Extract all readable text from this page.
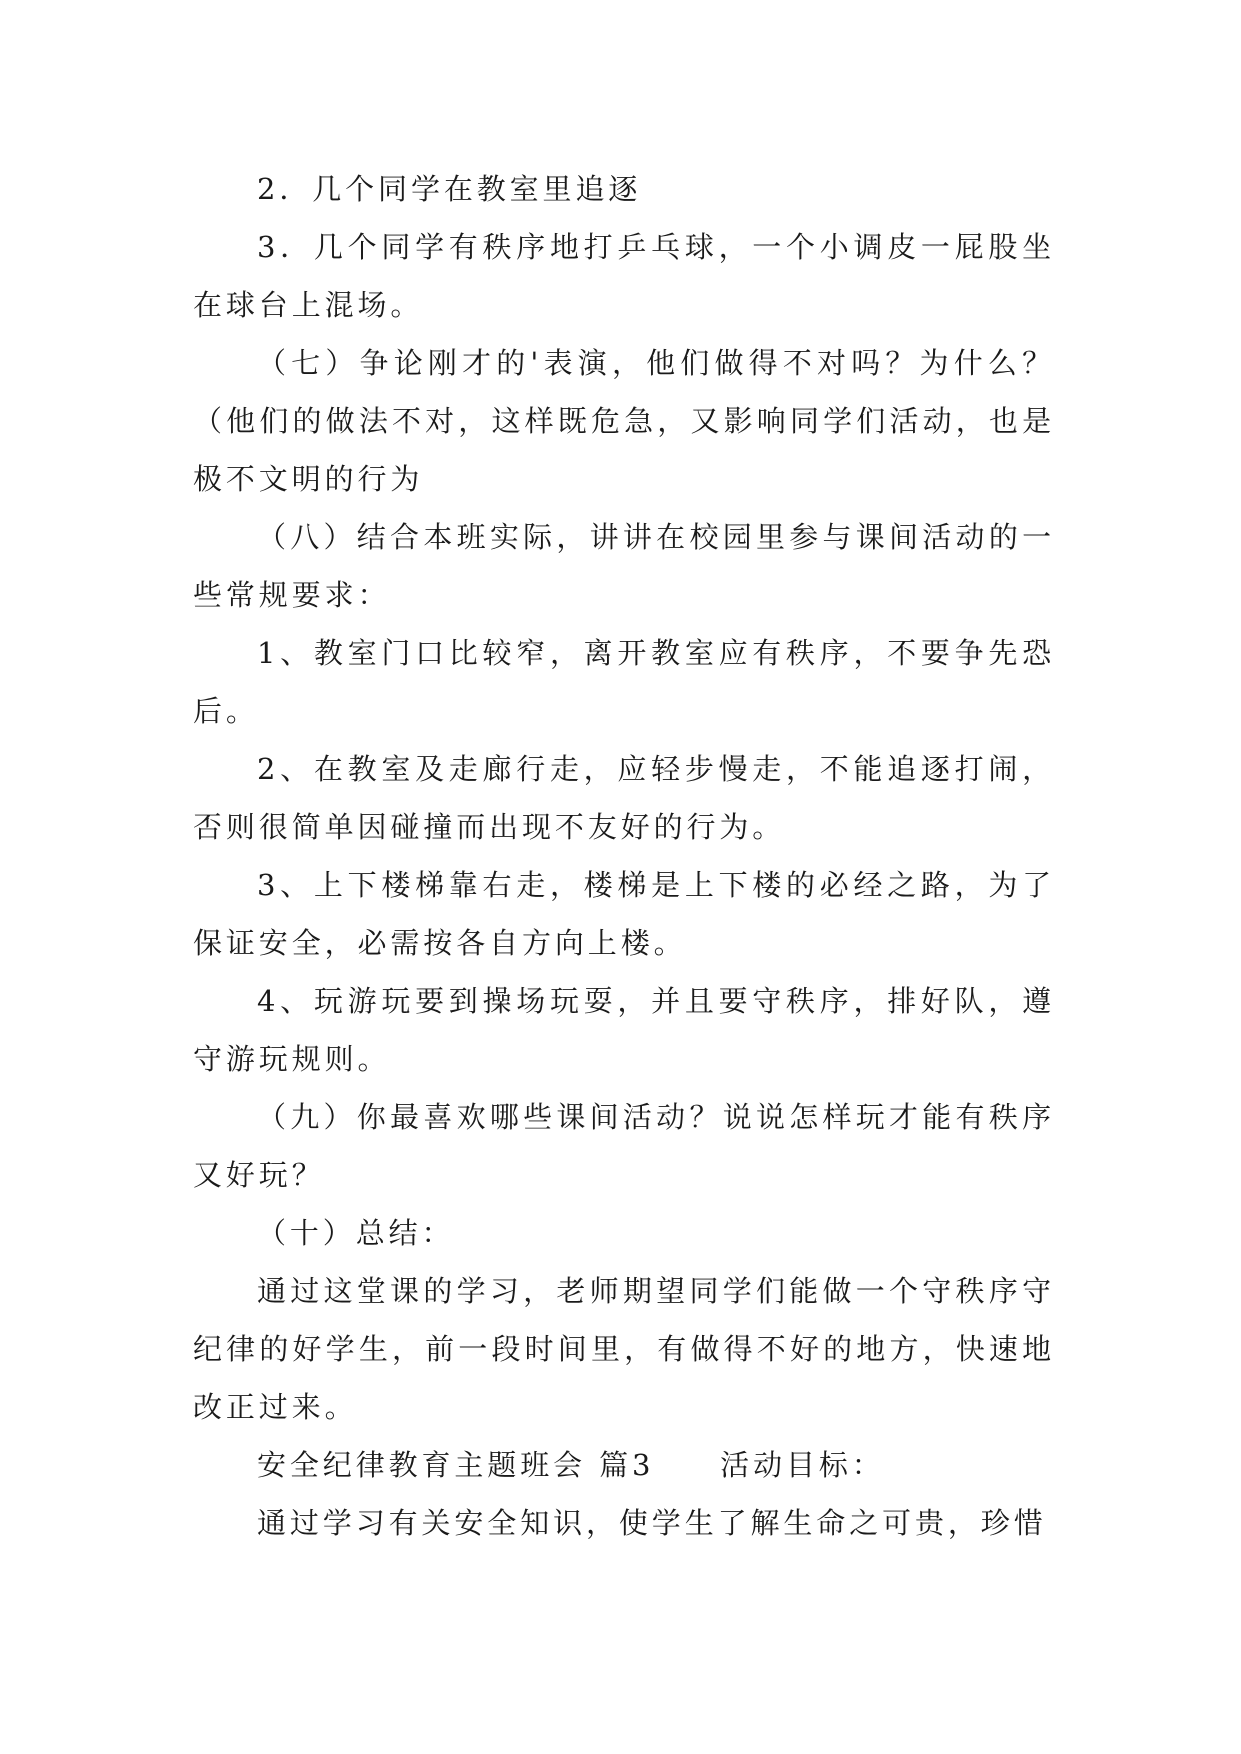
2．几个同学在教室里追逐

3．几个同学有秩序地打乒乓球，一个小调皮一屁股坐在球台上混场。

（七）争论刚才的'表演，他们做得不对吗？为什么？（他们的做法不对，这样既危急，又影响同学们活动，也是极不文明的行为

（八）结合本班实际，讲讲在校园里参与课间活动的一些常规要求：

1、教室门口比较窄，离开教室应有秩序，不要争先恐后。

2、在教室及走廊行走，应轻步慢走，不能追逐打闹，否则很简单因碰撞而出现不友好的行为。

3、上下楼梯靠右走，楼梯是上下楼的必经之路，为了保证安全，必需按各自方向上楼。

4、玩游玩要到操场玩耍，并且要守秩序，排好队，遵守游玩规则。

（九）你最喜欢哪些课间活动？说说怎样玩才能有秩序又好玩？

（十）总结：

通过这堂课的学习，老师期望同学们能做一个守秩序守纪律的好学生，前一段时间里，有做得不好的地方，快速地改正过来。

安全纪律教育主题班会 篇3　　活动目标：

通过学习有关安全知识，使学生了解生命之可贵，珍惜
